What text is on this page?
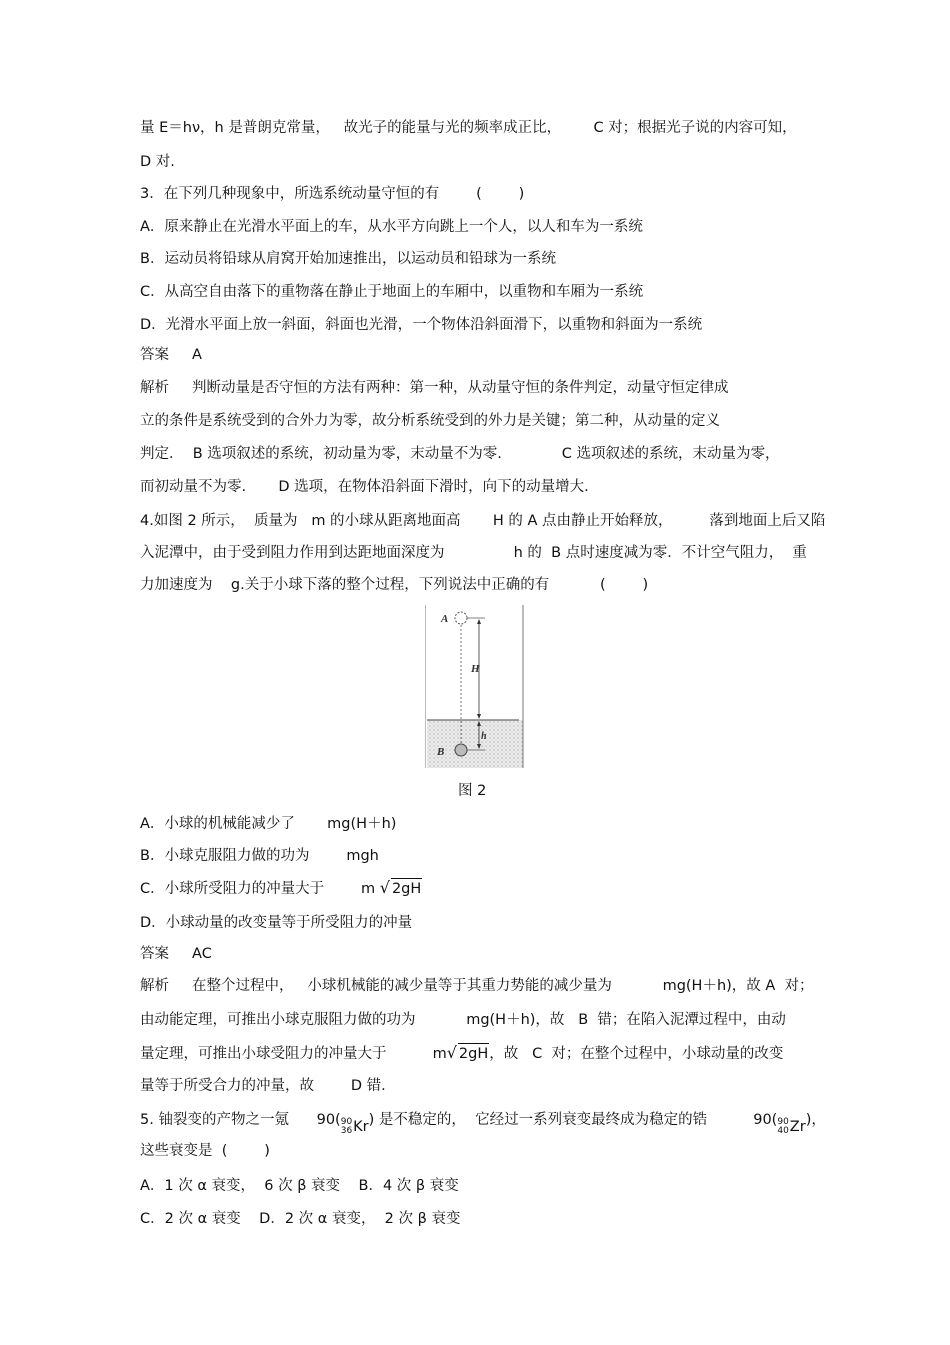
量 E＝hν，h 是普朗克常量，   故光子的能量与光的频率成正比，       C 对；根据光子说的内容可知，
D 对.
3．在下列几种现象中，所选系统动量守恒的有        (        )
A．原来静止在光滑水平面上的车，从水平方向跳上一个人，以人和车为一系统
B．运动员将铅球从肩窝开始加速推出，以运动员和铅球为一系统
C．从高空自由落下的重物落在静止于地面上的车厢中，以重物和车厢为一系统
D．光滑水平面上放一斜面，斜面也光滑，一个物体沿斜面滑下，以重物和斜面为一系统
答案     A
解析     判断动量是否守恒的方法有两种：第一种，从动量守恒的条件判定，动量守恒定律成
立的条件是系统受到的合外力为零，故分析系统受到的外力是关键；第二种，从动量的定义
判定．  B 选项叙述的系统，初动量为零，末动量不为零.             C 选项叙述的系统，末动量为零，
而初动量不为零.       D 选项，在物体沿斜面下滑时，向下的动量增大.
4.如图 2 所示，  质量为   m 的小球从距离地面高       H 的 A 点由静止开始释放，        落到地面上后又陷
入泥潭中，由于受到阻力作用到达距地面深度为               h 的  B 点时速度减为零．不计空气阻力，  重
力加速度为    g.关于小球下落的整个过程，下列说法中正确的有           (        )
A
H
h
B
图 2
A．小球的机械能减少了       mg(H＋h)
B．小球克服阻力做的功为        mgh
C．小球所受阻力的冲量大于        m √ 2gH
D．小球动量的改变量等于所受阻力的冲量
答案     AC
解析     在整个过程中，   小球机械能的减少量等于其重力势能的减少量为           mg(H＋h)，故 A  对；
由动能定理，可推出小球克服阻力做的功为           mg(H＋h)，故   B  错；在陷入泥潭过程中，由动
量定理，可推出小球受阻力的冲量大于          m√ 2gH，故   C  对；在整个过程中，小球动量的改变
量等于所受合力的冲量，故        D 错.
5. 铀裂变的产物之一氪      90( 90
36 Kr ) 是不稳定的，  它经过一系列衰变最终成为稳定的锆          90( 90
40 Zr )，
这些衰变是  (        )
A．1 次 α 衰变，  6 次 β 衰变    B．4 次 β 衰变
C．2 次 α 衰变    D．2 次 α 衰变，  2 次 β 衰变
